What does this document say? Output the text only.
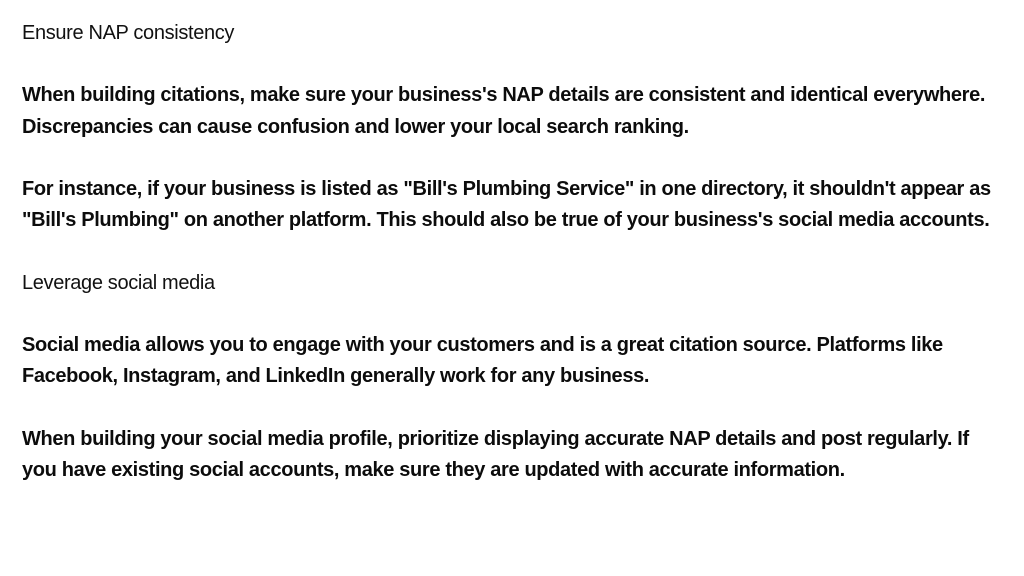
Ensure NAP consistency
When building citations, make sure your business's NAP details are consistent and identical everywhere. Discrepancies can cause confusion and lower your local search ranking.
For instance, if your business is listed as "Bill's Plumbing Service" in one directory, it shouldn't appear as "Bill's Plumbing" on another platform. This should also be true of your business's social media accounts.
Leverage social media
Social media allows you to engage with your customers and is a great citation source. Platforms like Facebook, Instagram, and LinkedIn generally work for any business.
When building your social media profile, prioritize displaying accurate NAP details and post regularly. If you have existing social accounts, make sure they are updated with accurate information.
